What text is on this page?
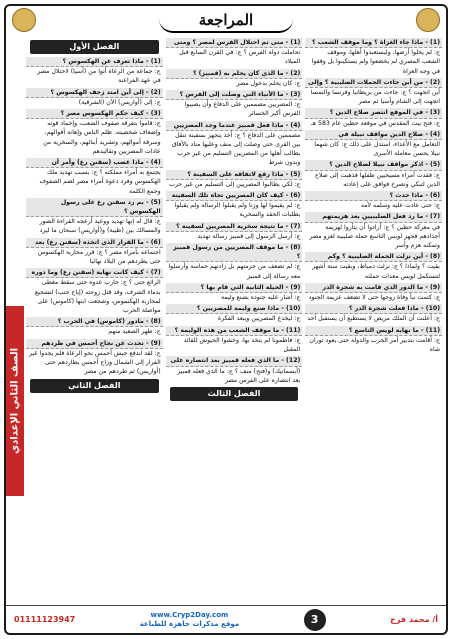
المراجعة
الصف الثاني الإعدادي
الفصل الأول
(1) - ماذا تعرف عن الهكسوس ؟
ج: جماعة من الرعاة أتوا من (آسيا) لاحتلال مصر في عهد الفراعنة
(2) - إلى أين امتد زحف الهكسوس ؟
ج: إلى (أواريس) الآن (الشرقية)
(3) - كيف حكم الهكسوس مصر ؟
ج: قاموا بتفرقة صفوف الشعب، وإخماد قوته وإضعاف شخصيته. ظلم الناس وإهانة أقوالهم، وسرقة أموالهم، وتشريد أبنائهم، والسخرية من عادات المصريين وتقاليدهم
(4) - ماذا غضب (سقنن رع) وأمر أن
يجتمع به أمراء مملكته ؟ ج: بسبب تهديد ملك الهكسوس وفرد دعوة أمراء مصر لضم الصفوف وجمع الكلمة
(5) - بم رد سقنن رع على رسول الهكسوس ؟
ج: قال له إنها تهديد ووعيد أزعجه القراءة الصور والمسالك بين (طيبة) و(أواريس) سبحان ما ليرد
(6) - ما القرار الذي اتخذه (سقنن رع) بعد
اجتماعه بأمراء مصر ؟ ج: قرر محاربة الهكسوس حتى يطردهم من البلاد نهائيا
(7) - كيف كانت نهاية (سقنن رع) وما دوره
الرائع حتى ؟ ج: حارب عدوه حتى سقط مغطى بدماء الشرف، وقد قتل زوجته (إياح حتب) لتشجيع لمحاربة الهكسوس، وشجعت ابنها (كاموس) على مواصلة الحرب
(8) - مادور (كاموس) في الحرب ؟
ج: طهر الصعيد منهم
(9) - تحدث عن نجاح أحمس في طردهم
ج: لقد اندفع جيش أحمس نحو الرعاة فلم يجدوا غير الفرار إلى الشمال وراح أحمس يطاردهم حتى (أواريس) ثم طردهم من مصر
الفصل الثاني
(1) - متى تم احتلال الفرس لمصر ؟ ومتى
تحاملت دولة الفرس ؟ ج: في القرن السابع قبل الميلاد
(2) - ما الذي كان يحلم به (قمبيز) ؟
ج: كان يحلم بدخول مصر
(3) - ما الأنباء التي وصلت إلى الفرس ؟
ج: المصريين مصممين على الدفاع وأن يصيبوا الفرس أكبر الخسائر
(4) - ماذا فعل قمبيز عندما وجد المصريين
مصممين على الدفاع ؟ ج: أخذ يتجهز بسفينة تتقل بين القرى حتى وصلت إلى منف وعليها مناد بالأفاق يطالب أهلها من المصريين التسليم من غير حرب وبدون شرط
(5) - ماذا رفع لاتفاقه على السفينة ؟
ج: لكي يطالبوا المصريين إلى التسليم من غير حرب
(6) - كيف كان المصريين تجاه تلك السفينة
ج: لم يقيموا لها وزنا ولم يقبلوا الرسالة ولم يقبلوا بطلبات الحقد والسخرية
(7) - ما نتيجة سخرية المصريين لسفينة ؟
ج: أرسل الرسول إلى قمبيز رسالة تهديد
(8) - ما موقف المصريين من رسول قمبيز ؟
ج: لم تضعف من حزمتهم بل زادتهم حماسة وأرسلوا معه رسالة إلى قمبيز
(9) - الحيلة الثانية التي قام بها ؟
ج: أشار عليه جنوده بصنع وليمة
(10) - ماذا صنع وليمة للمصريين ؟
ج: ليخدع المصريين ويبعد الفكرة
(11) - ما موقف الشعب من هذه الوليمة ؟
ج: فاطمونا لم يتخذ بها، وخشوا الجيوش للقائد المقبل
(12) - ما الذي فعله قمبيز بعد انتصاره على
(أبسماتيك) و(فتح) منف ؟ ج: ما الذي فعله قمبيز بعد انتصاره على الفرس مصر
الفصل الثالث
(1) - ماذا جاء الغزاة ؟ وما موقف الشعب ؟
ج: لم يخلوا أرضها، وليستعبدوا أهلها، وموقف الشعب المصري لم يخضعوا ولم يستكينوا بل وقفوا في وجه الغزاة
(2) - من أين جاءت الحملات الصليبية ؟ وإلى
أين اتجهت ؟ ج: جاءت من بريطانيا وفرنسا والنمسا اتجهت إلى الشام وأسيا ثم مصر
(3) - في الموقع انتصر صلاح الدين ؟
ج: فتح بيت المقدس في موقعة حطين عام 583 هـ
(4) - صلاح الدين مواقف نبيلة في
التعامل مع الأعداء، استدل على ذلك ج: كان شهما نبيلا يحسن معاملة الأسرى
(5) - اذكر مواقف نبيلا لصلاح الدين ؟
ج: فقدت أمراء مسيحيين طفلها فذهبت إلى صلاح الدين لتبكي وتصرخ فوافق على إعادته
(6) - ماذا حدث ؟
ج: حتى عادت عليه وسلمه لأمه
(7) - ما رد فعل الصليبيين بعد هزيمتهم
في معركة حطين ؟ ج: أرادوا أن يثأروا لهزيمة أجدادهم فجهز لويس التاسع حملة صليبية لغزو مصر وتمكنه هزم وأسر
(8) - أين نزلت الحملة الصليبية ؟ وكم
بقيت ؟ ولماذا ؟ ج: نزلت دمياط، وبقيت ستة أشهر لتستكمل لويس معدات حملته
(9) - ما الدور الذي قامت به شجرة الدر
ج: كتمت نبأ وفاة زوجها حتى لا تضعف عزيمة الجنود
(10) - ماذا فعلت شجرة الدر ؟
ج: أعلنت أن الملك مريض لا يستطيع أن يستقبل أحد
(11) - ما نهاية لويس التاسع ؟
ج: أقامت بتدبير أمر الحرب والدولة حتى يعود توران شاه
01111123947
www.Cryp2Day.com
موقع مذكرات جاهزة للطباعة	3	أ/ محمد فرج
